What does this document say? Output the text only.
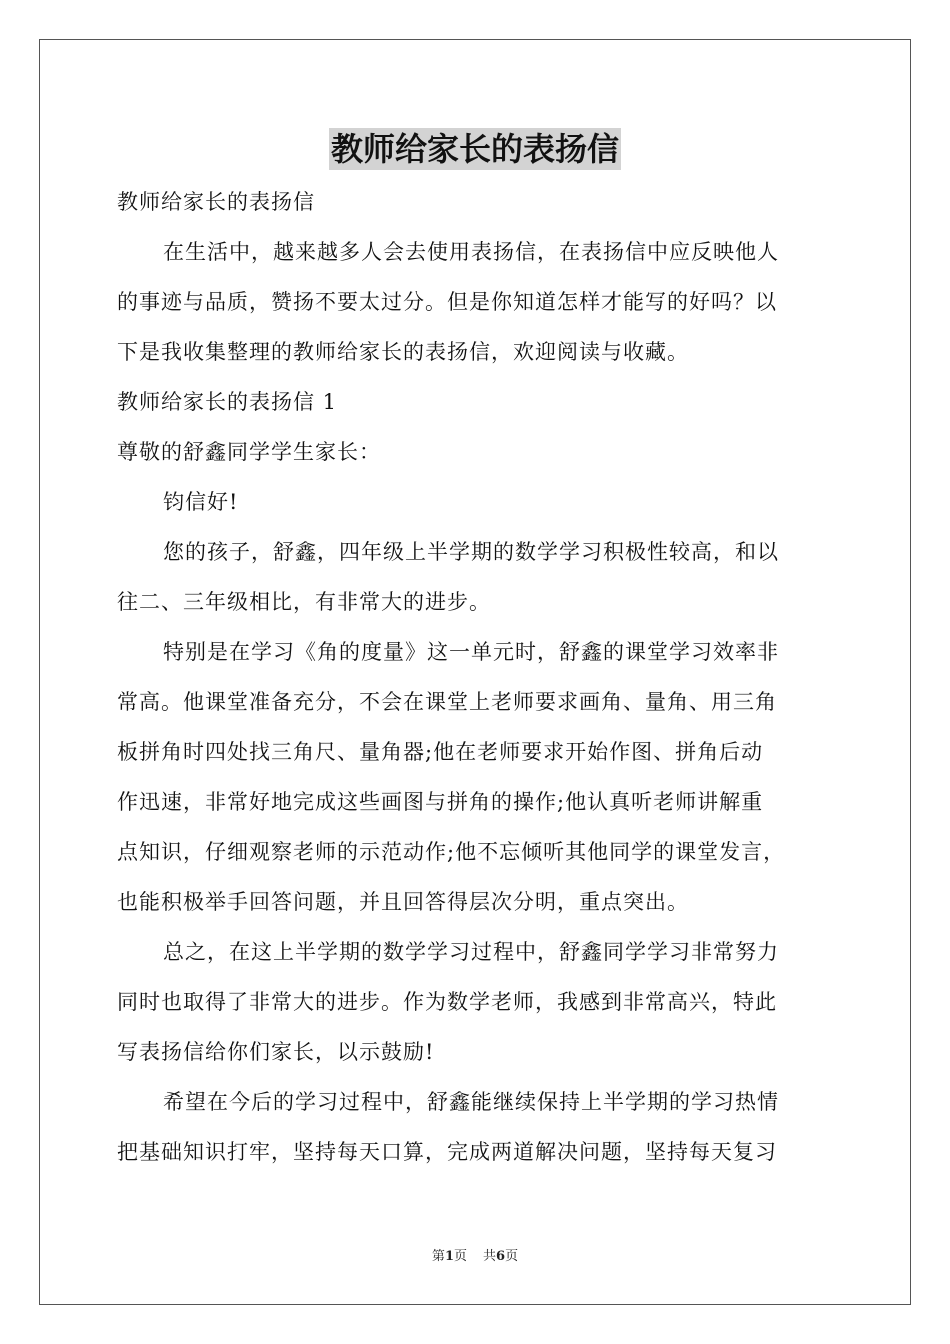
教师给家长的表扬信

教师给家长的表扬信

在生活中，越来越多人会去使用表扬信，在表扬信中应反映他人

的事迹与品质，赞扬不要太过分。但是你知道怎样才能写的好吗？以

下是我收集整理的教师给家长的表扬信，欢迎阅读与收藏。

教师给家长的表扬信 1

尊敬的舒鑫同学学生家长：

钧信好!

您的孩子，舒鑫，四年级上半学期的数学学习积极性较高，和以

往二、三年级相比，有非常大的进步。

特别是在学习《角的度量》这一单元时，舒鑫的课堂学习效率非

常高。他课堂准备充分，不会在课堂上老师要求画角、量角、用三角

板拼角时四处找三角尺、量角器;他在老师要求开始作图、拼角后动

作迅速，非常好地完成这些画图与拼角的操作;他认真听老师讲解重

点知识，仔细观察老师的示范动作;他不忘倾听其他同学的课堂发言，

也能积极举手回答问题，并且回答得层次分明，重点突出。

总之，在这上半学期的数学学习过程中，舒鑫同学学习非常努力

同时也取得了非常大的进步。作为数学老师，我感到非常高兴，特此

写表扬信给你们家长，以示鼓励!

希望在今后的学习过程中，舒鑫能继续保持上半学期的学习热情

把基础知识打牢，坚持每天口算，完成两道解决问题，坚持每天复习

第1页 共6页
